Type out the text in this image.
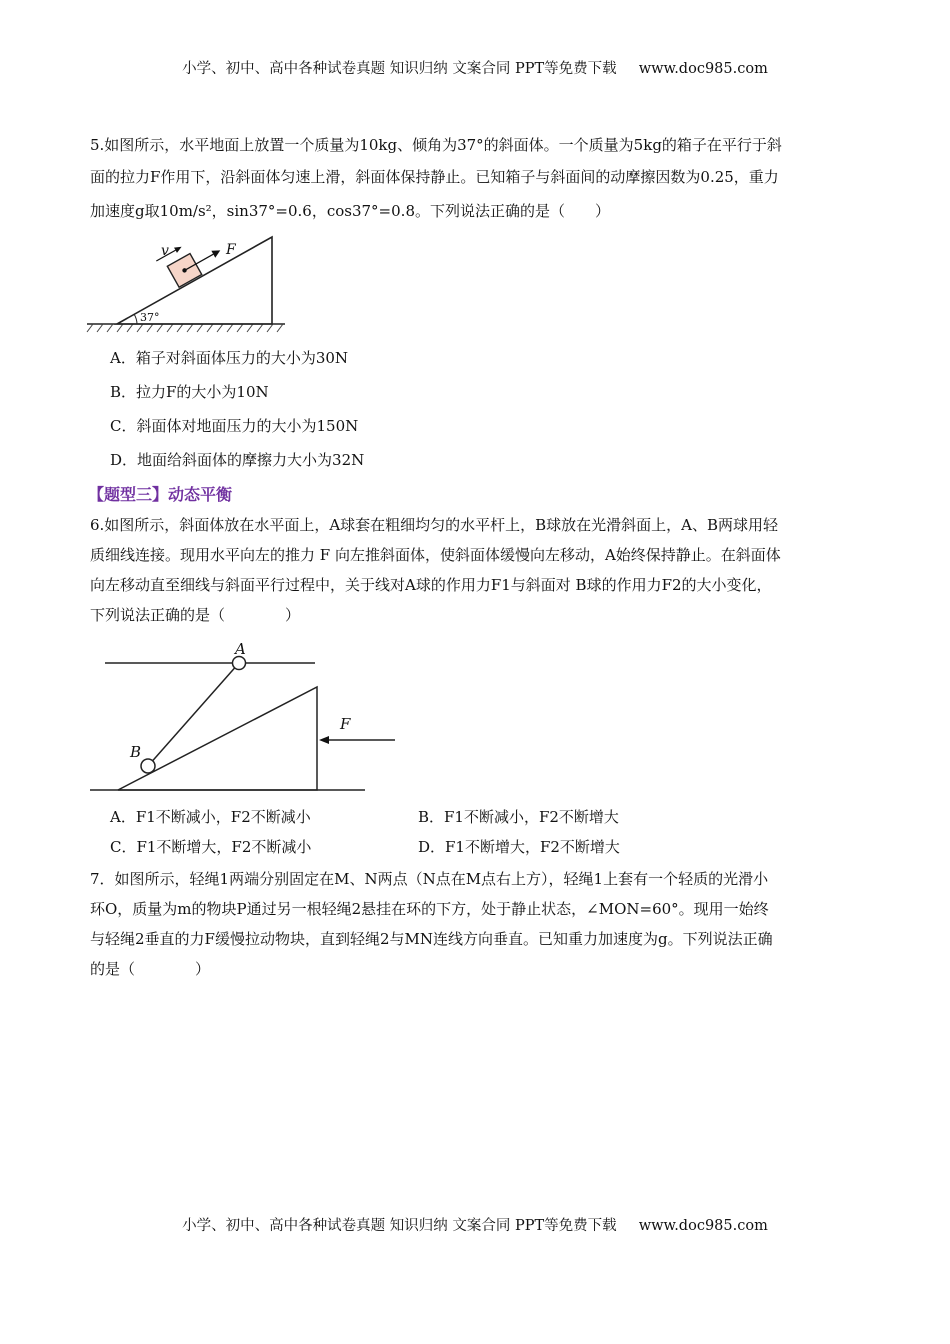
小学、初中、高中各种试卷真题 知识归纳 文案合同 PPT等免费下载 www.doc985.com
5.如图所示，水平地面上放置一个质量为10kg、倾角为37°的斜面体。一个质量为5kg的箱子在平行于斜
面的拉力F作用下，沿斜面体匀速上滑，斜面体保持静止。已知箱子与斜面间的动摩擦因数为0.25，重力
加速度g取10m/s²，sin37°=0.6，cos37°=0.8。下列说法正确的是（　　）
37°
v	F
A．箱子对斜面体压力的大小为30N
B．拉力F的大小为10N
C．斜面体对地面压力的大小为150N
D．地面给斜面体的摩擦力大小为32N
【题型三】动态平衡
6.如图所示，斜面体放在水平面上，A球套在粗细均匀的水平杆上，B球放在光滑斜面上，A、B两球用轻
质细线连接。现用水平向左的推力 F 向左推斜面体，使斜面体缓慢向左移动，A始终保持静止。在斜面体
向左移动直至细线与斜面平行过程中，关于线对A球的作用力F1与斜面对 B球的作用力F2的大小变化，
下列说法正确的是（　　　　）
A
B
F
A．F1不断减小，F2不断减小	B．F1不断减小，F2不断增大
C．F1不断增大，F2不断减小	D．F1不断增大，F2不断增大
7．如图所示，轻绳1两端分别固定在M、N两点（N点在M点右上方），轻绳1上套有一个轻质的光滑小
环O，质量为m的物块P通过另一根轻绳2悬挂在环的下方，处于静止状态，∠MON=60°。现用一始终
与轻绳2垂直的力F缓慢拉动物块，直到轻绳2与MN连线方向垂直。已知重力加速度为g。下列说法正确
的是（　　　　）
小学、初中、高中各种试卷真题 知识归纳 文案合同 PPT等免费下载 www.doc985.com
